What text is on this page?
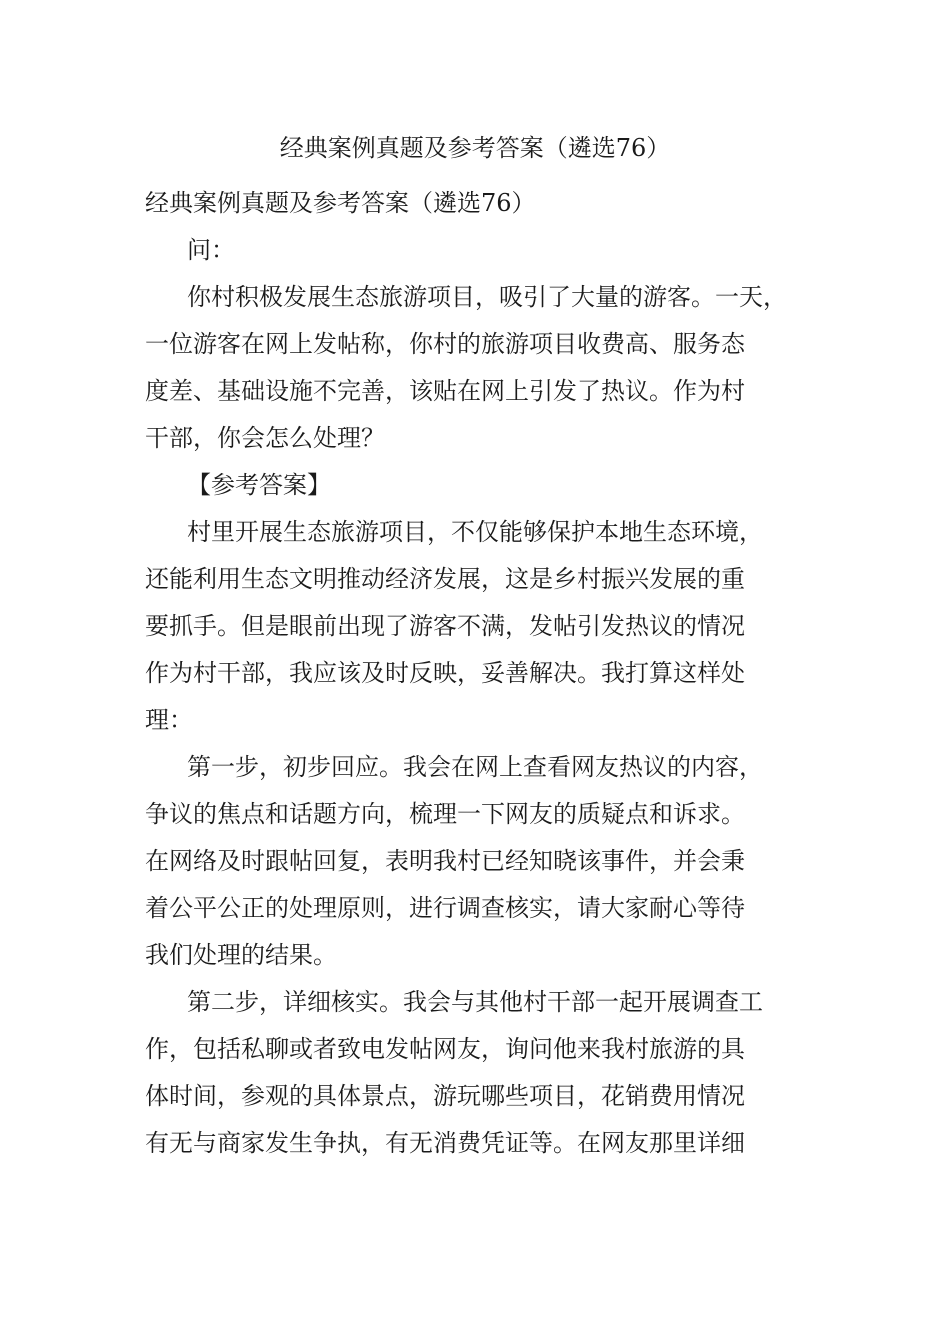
经典案例真题及参考答案（遴选76）
经典案例真题及参考答案（遴选76）
问：
你村积极发展生态旅游项目，吸引了大量的游客。一天，
一位游客在网上发帖称，你村的旅游项目收费高、服务态
度差、基础设施不完善，该贴在网上引发了热议。作为村
干部，你会怎么处理？
【参考答案】
村里开展生态旅游项目，不仅能够保护本地生态环境，
还能利用生态文明推动经济发展，这是乡村振兴发展的重
要抓手。但是眼前出现了游客不满，发帖引发热议的情况
作为村干部，我应该及时反映，妥善解决。我打算这样处
理：
第一步，初步回应。我会在网上查看网友热议的内容，
争议的焦点和话题方向，梳理一下网友的质疑点和诉求。
在网络及时跟帖回复，表明我村已经知晓该事件，并会秉
着公平公正的处理原则，进行调查核实，请大家耐心等待
我们处理的结果。
第二步，详细核实。我会与其他村干部一起开展调查工
作，包括私聊或者致电发帖网友，询问他来我村旅游的具
体时间，参观的具体景点，游玩哪些项目，花销费用情况
有无与商家发生争执，有无消费凭证等。在网友那里详细
